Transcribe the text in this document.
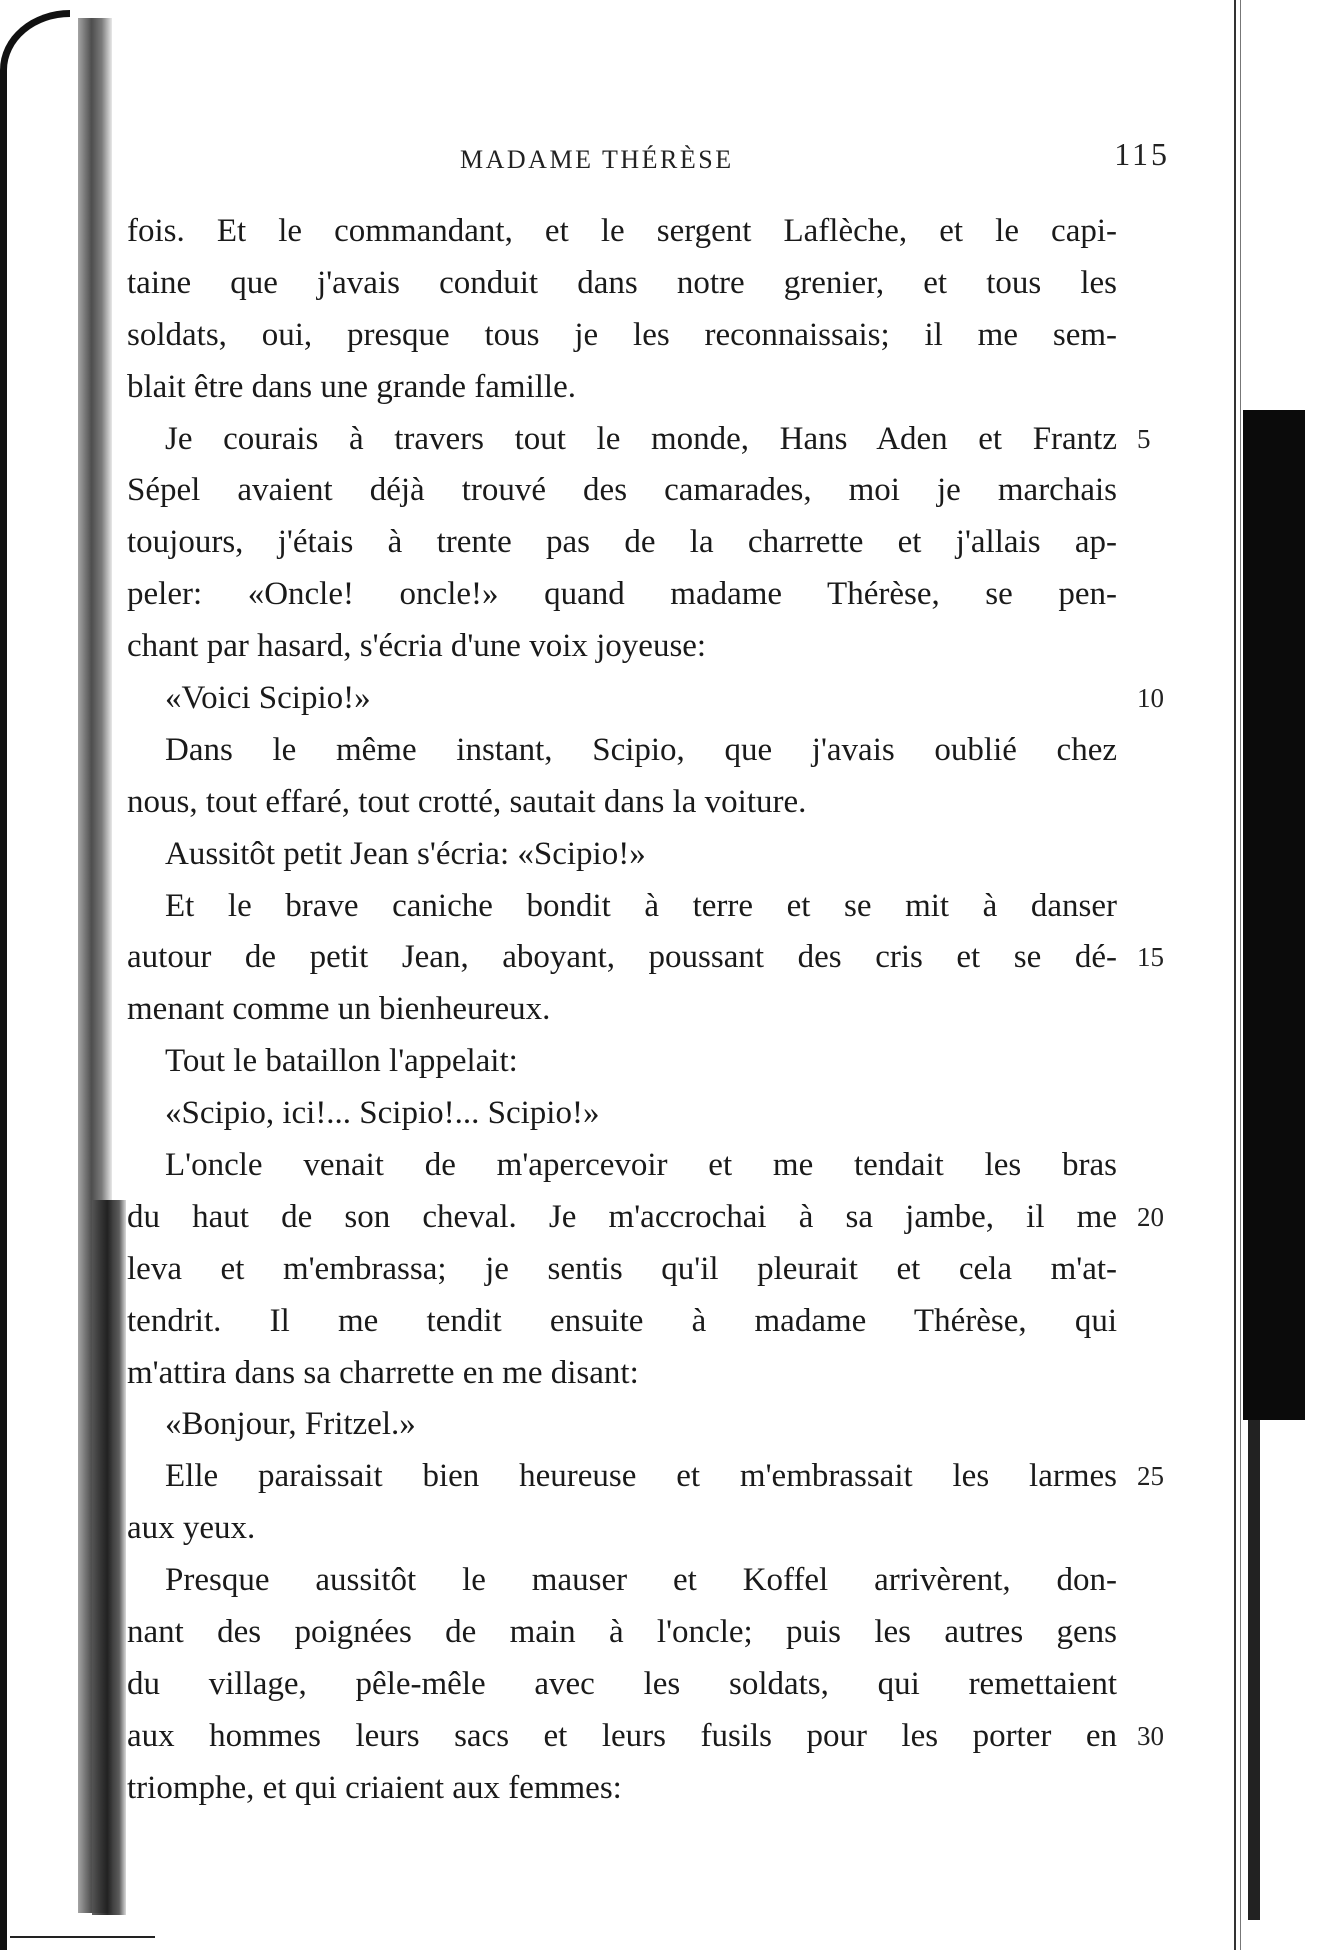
MADAME THÉRÈSE	115
fois. Et le commandant, et le sergent Laflèche, et le capi-
taine que j'avais conduit dans notre grenier, et tous les
soldats, oui, presque tous je les reconnaissais; il me sem-
blait être dans une grande famille.
Je courais à travers tout le monde, Hans Aden et Frantz 5
Sépel avaient déjà trouvé des camarades, moi je marchais
toujours, j'étais à trente pas de la charrette et j'allais ap-
peler: «Oncle! oncle!» quand madame Thérèse, se pen-
chant par hasard, s'écria d'une voix joyeuse:
«Voici Scipio!»	10
Dans le même instant, Scipio, que j'avais oublié chez
nous, tout effaré, tout crotté, sautait dans la voiture.
Aussitôt petit Jean s'écria: «Scipio!»
Et le brave caniche bondit à terre et se mit à danser
autour de petit Jean, aboyant, poussant des cris et se dé- 15
menant comme un bienheureux.
Tout le bataillon l'appelait:
«Scipio, ici!... Scipio!... Scipio!»
L'oncle venait de m'apercevoir et me tendait les bras
du haut de son cheval. Je m'accrochai à sa jambe, il me 20
leva et m'embrassa; je sentis qu'il pleurait et cela m'at-
tendrit. Il me tendit ensuite à madame Thérèse, qui
m'attira dans sa charrette en me disant:
«Bonjour, Fritzel.»
Elle paraissait bien heureuse et m'embrassait les larmes 25
aux yeux.
Presque aussitôt le mauser et Koffel arrivèrent, don-
nant des poignées de main à l'oncle; puis les autres gens
du village, pêle-mêle avec les soldats, qui remettaient
aux hommes leurs sacs et leurs fusils pour les porter en 30
triomphe, et qui criaient aux femmes:
